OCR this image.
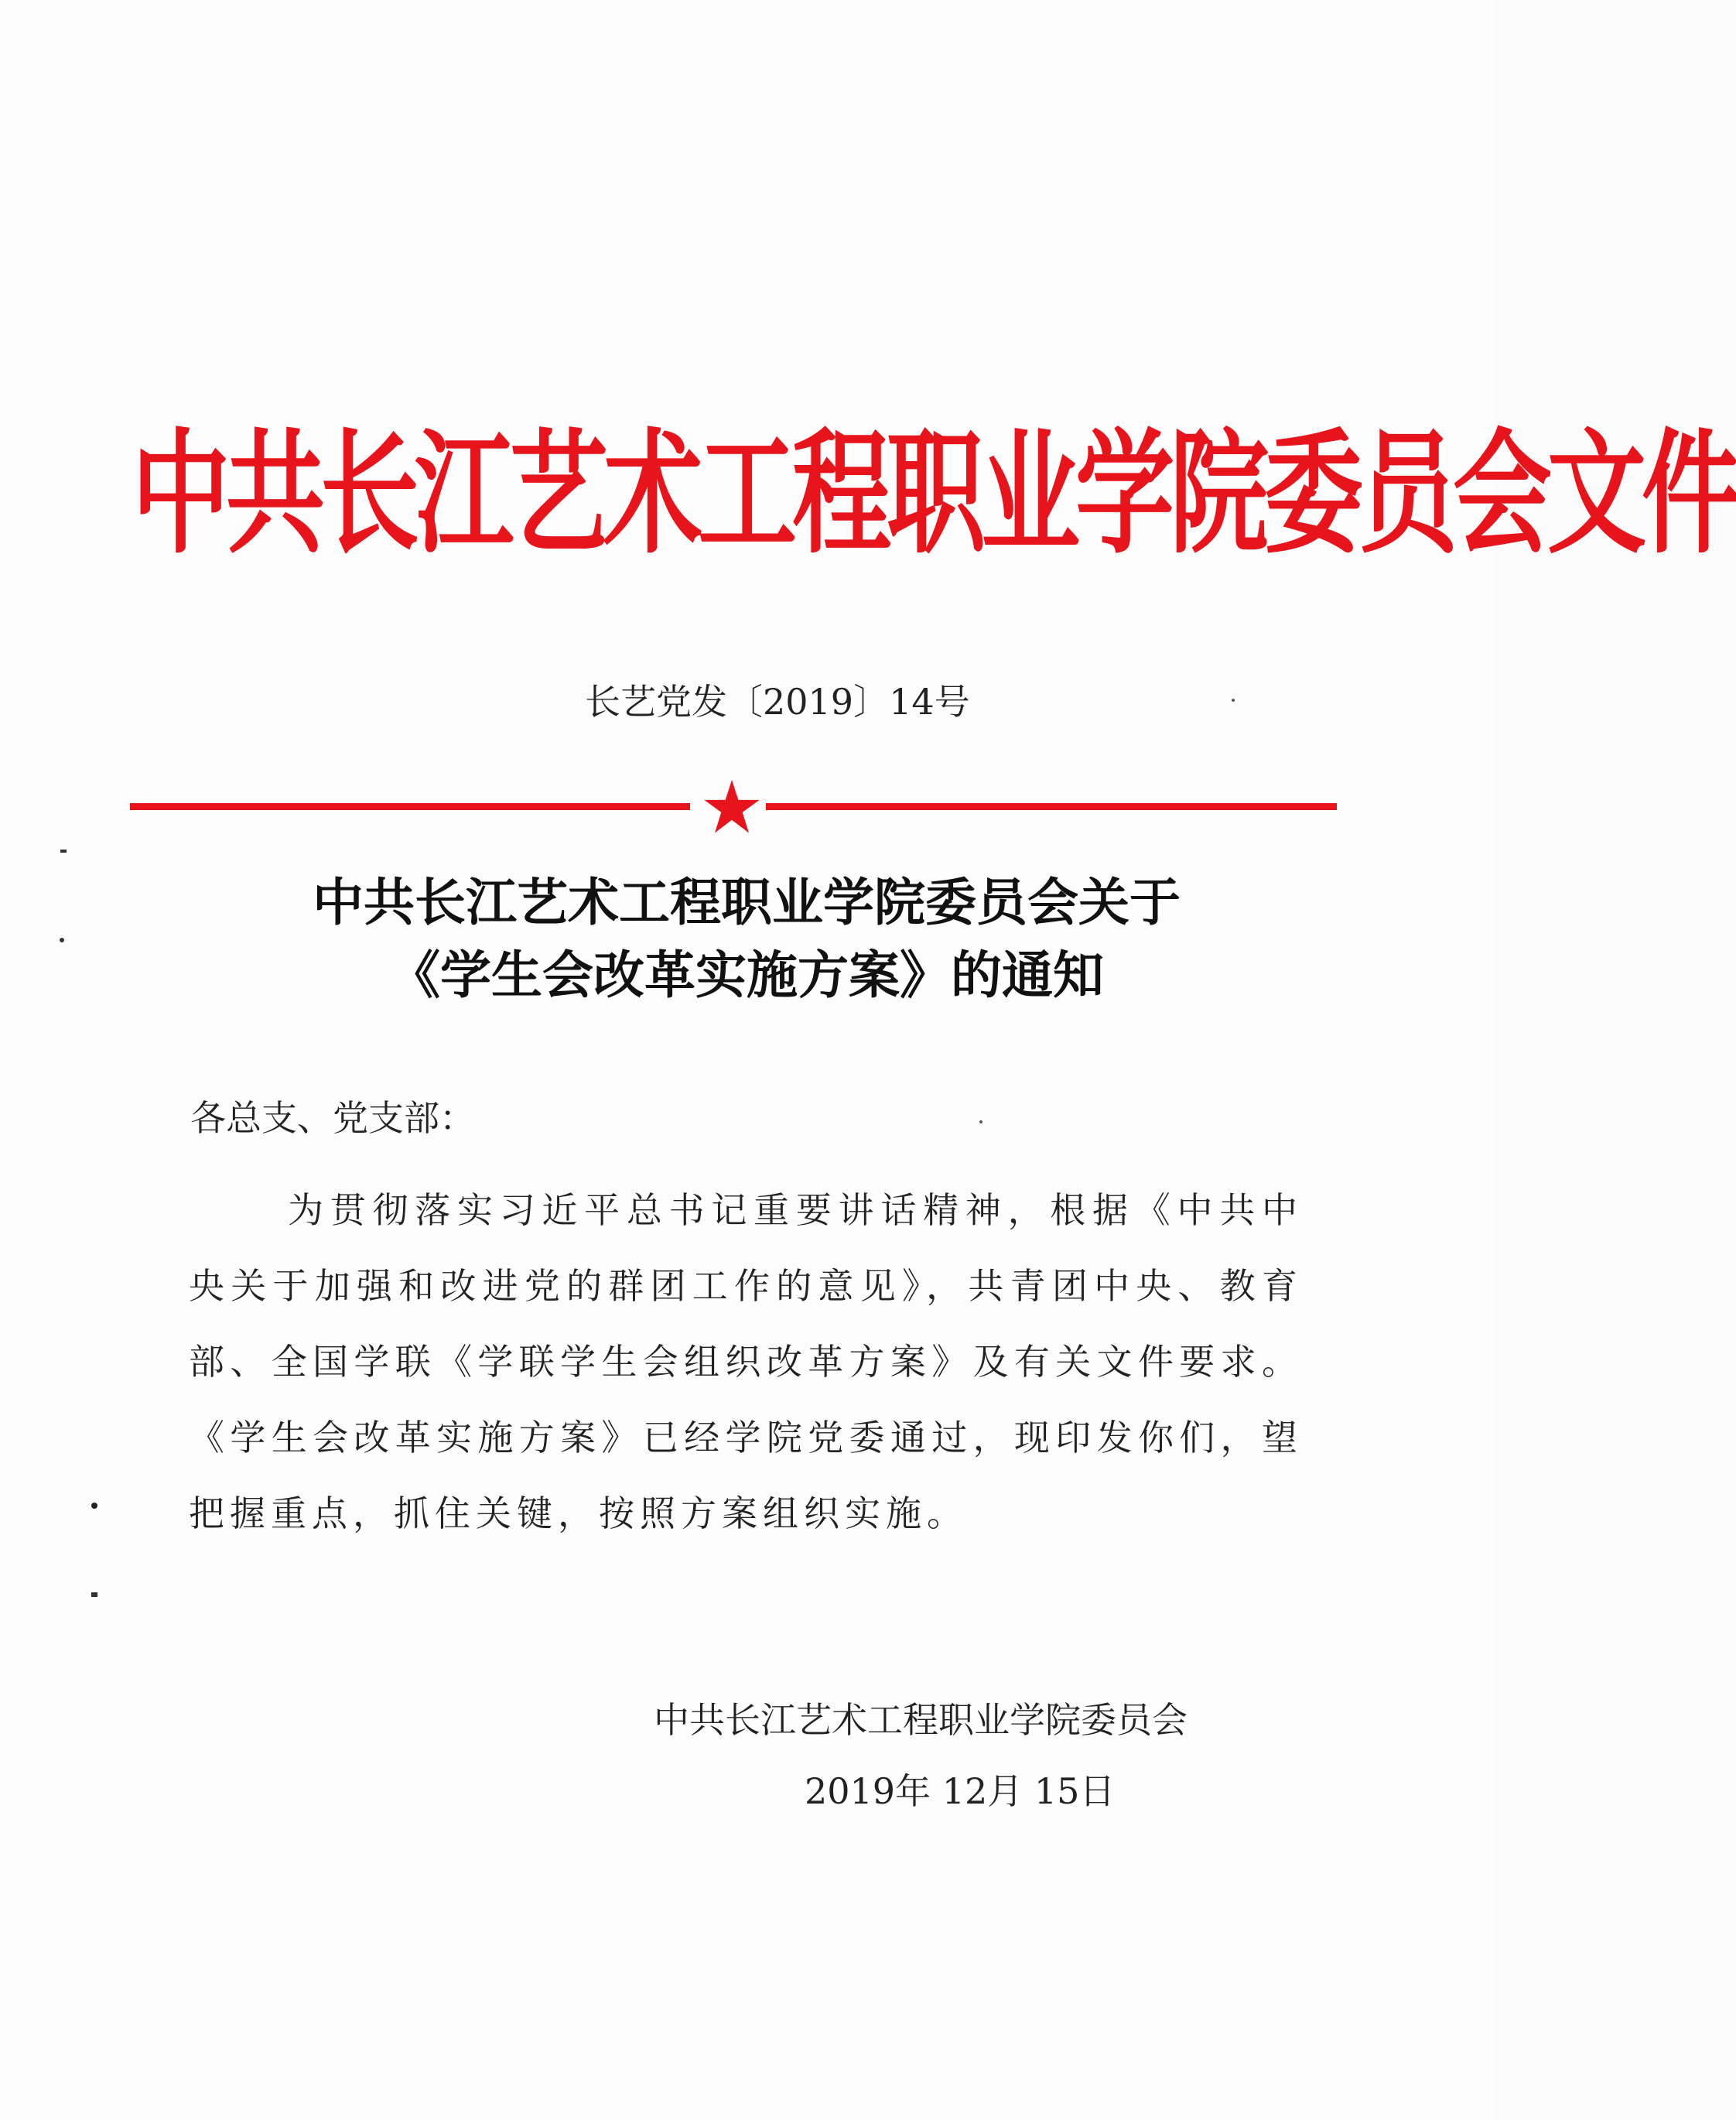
中共长江艺术工程职业学院委员会文件
长艺党发〔2019〕14号
中共长江艺术工程职业学院委员会关于
《学生会改革实施方案》的通知
各总支、党支部：
为贯彻落实习近平总书记重要讲话精神，根据《中共中央关于加强和改进党的群团工作的意见》，共青团中央、教育部、全国学联《学联学生会组织改革方案》及有关文件要求。《学生会改革实施方案》已经学院党委通过，现印发你们，望把握重点，抓住关键，按照方案组织实施。
中共长江艺术工程职业学院委员会
2019年 12月 15日
